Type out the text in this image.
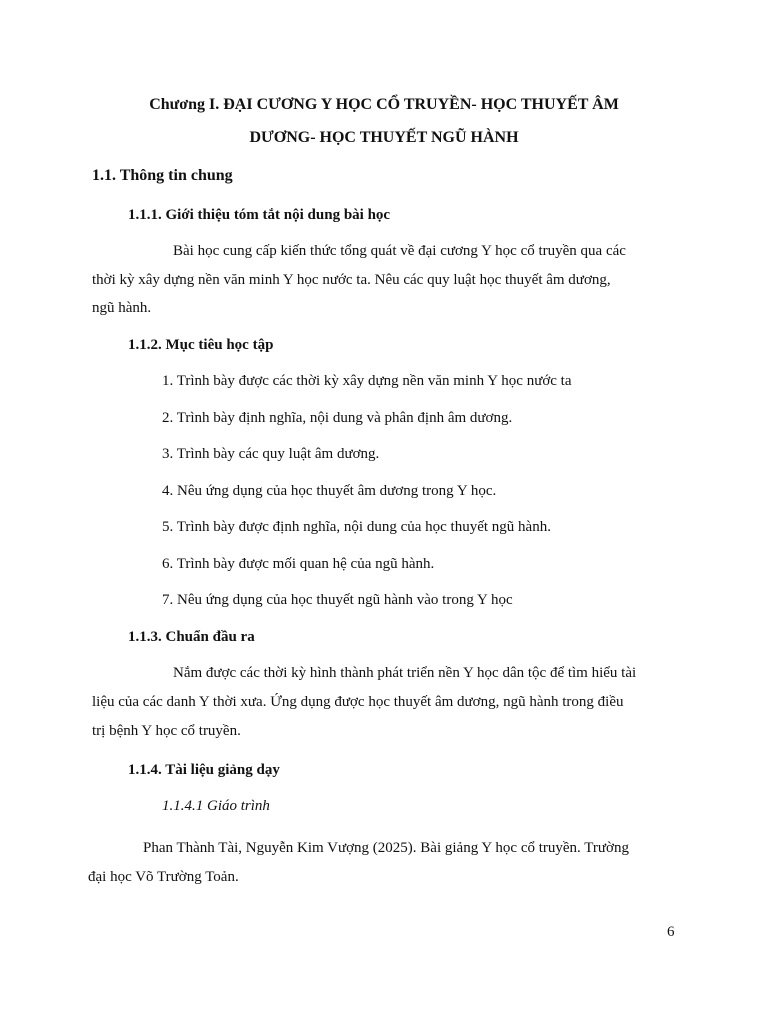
Chương I. ĐẠI CƯƠNG Y HỌC CỔ TRUYỀN- HỌC THUYẾT ÂM
DƯƠNG- HỌC THUYẾT NGŨ HÀNH
1.1. Thông tin chung
1.1.1. Giới thiệu tóm tắt nội dung bài học
Bài học cung cấp kiến thức tổng quát về đại cương Y học cổ truyền qua các
thời kỳ xây dựng nền văn minh Y học nước ta. Nêu các quy luật học thuyết âm dương,
ngũ hành.
1.1.2. Mục tiêu học tập
1. Trình bày được các thời kỳ xây dựng nền văn minh Y học nước ta
2. Trình bày định nghĩa, nội dung và phân định âm dương.
3. Trình bày các quy luật âm dương.
4. Nêu ứng dụng của học thuyết âm dương trong Y học.
5. Trình bày được định nghĩa, nội dung của học thuyết ngũ hành.
6. Trình bày được mối quan hệ của ngũ hành.
7. Nêu ứng dụng của học thuyết ngũ hành vào trong Y học
1.1.3. Chuẩn đầu ra
Nắm được các thời kỳ hình thành phát triển nền Y học dân tộc để tìm hiểu tài
liệu của các danh Y thời xưa. Ứng dụng được học thuyết âm dương, ngũ hành trong điều
trị bệnh Y học cổ truyền.
1.1.4. Tài liệu giảng dạy
1.1.4.1 Giáo trình
Phan Thành Tài, Nguyễn Kim Vượng (2025). Bài giảng Y học cổ truyền. Trường
đại học Võ Trường Toản.
6
